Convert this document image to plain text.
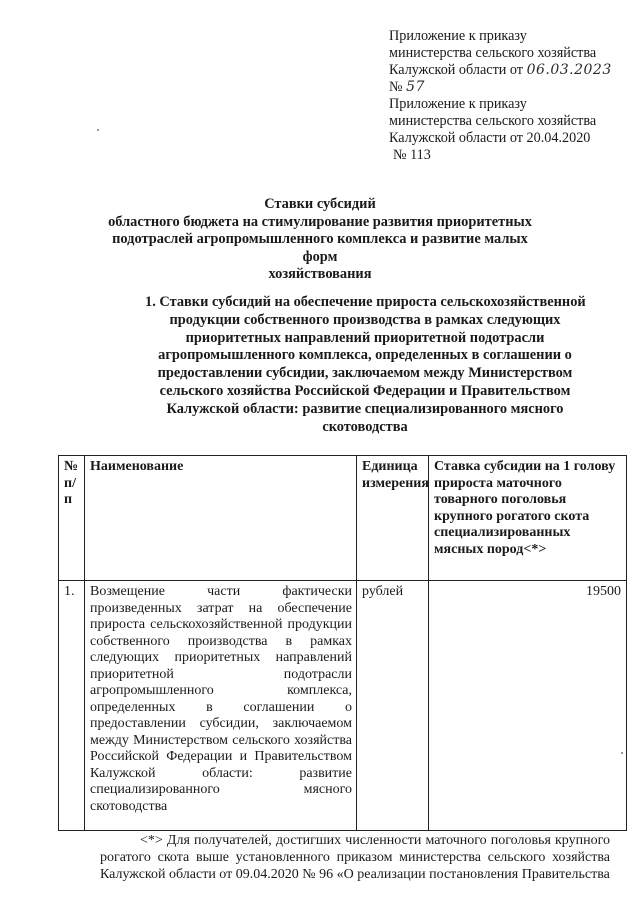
Приложение к приказу
министерства сельского хозяйства
Калужской области от 06.03.2023
№ 57
Приложение к приказу
министерства сельского хозяйства
Калужской области от 20.04.2020
№ 113
Ставки субсидий
областного бюджета на стимулирование развития приоритетных
подотраслей агропромышленного комплекса и развитие малых форм
хозяйствования
1. Ставки субсидий на обеспечение прироста сельскохозяйственной
продукции собственного производства в рамках следующих приоритетных направлений приоритетной подотрасли агропромышленного комплекса, определенных в соглашении о предоставлении субсидии, заключаемом между Министерством сельского хозяйства Российской Федерации и Правительством Калужской области: развитие специализированного мясного скотоводства
№ п/п	Наименование	Единица измерения	Ставка субсидии на 1 голову прироста маточного товарного поголовья крупного рогатого скота специализированных мясных пород<*>
1.	Возмещение части фактически произведенных затрат на обеспечение прироста сельскохозяйственной продукции собственного производства в рамках следующих приоритетных направлений приоритетной подотрасли агропромышленного комплекса, определенных в соглашении о предоставлении субсидии, заключаемом между Министерством сельского хозяйства Российской Федерации и Правительством Калужской области: развитие специализированного мясного скотоводства	рублей	19500
<*> Для получателей, достигших численности маточного поголовья крупного рогатого скота выше установленного приказом министерства сельского хозяйства Калужской области от 09.04.2020 № 96 «О реализации постановления Правительства
